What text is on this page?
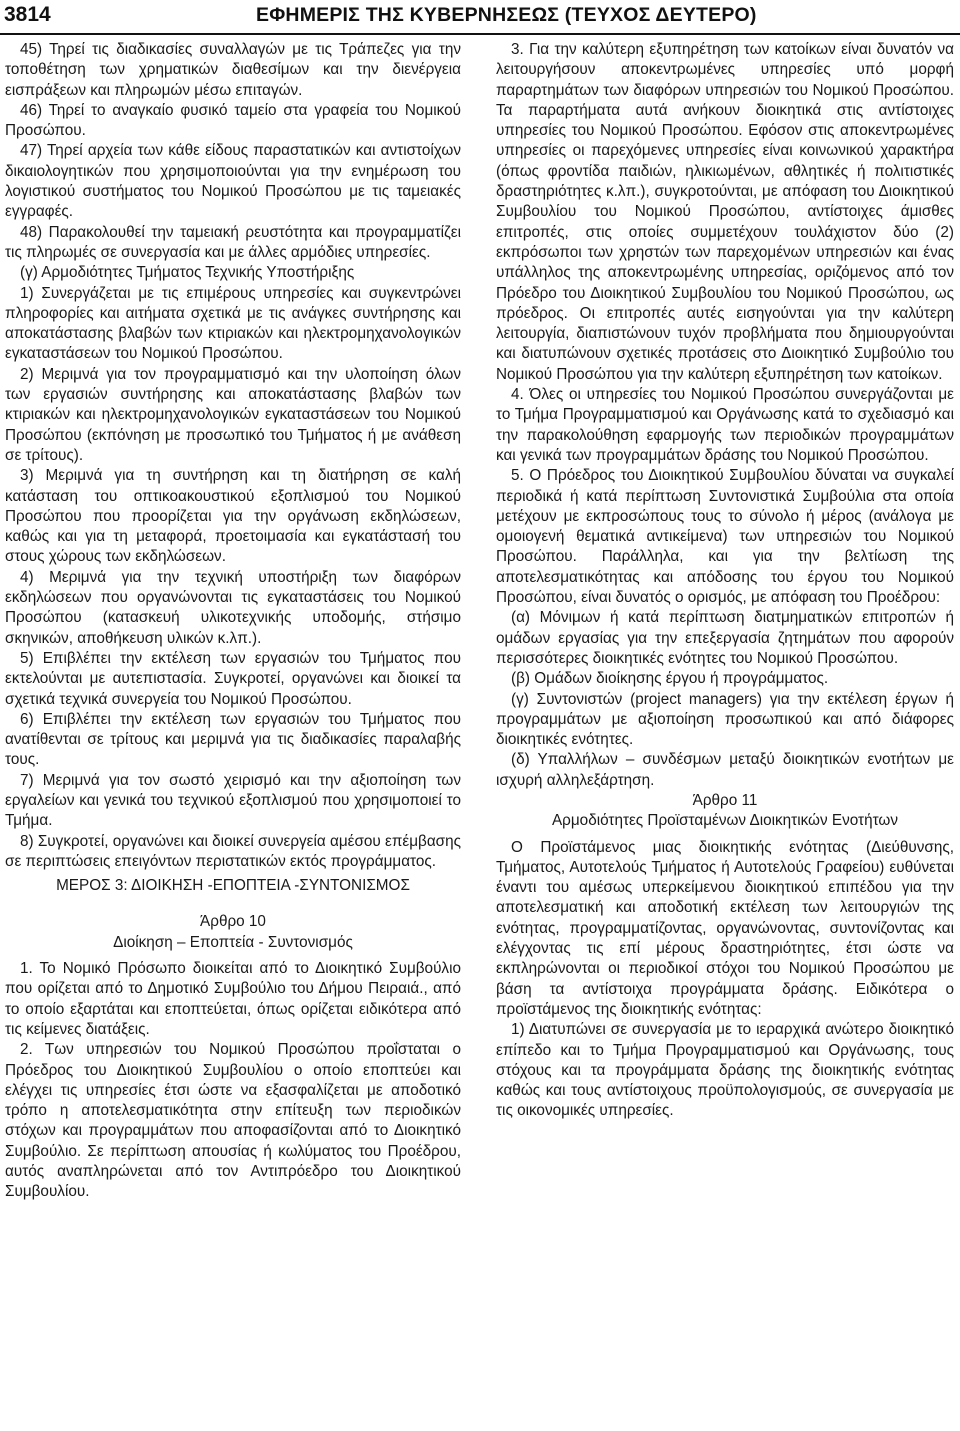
3814	ΕΦΗΜΕΡΙΣ ΤΗΣ ΚΥΒΕΡΝΗΣΕΩΣ (ΤΕΥΧΟΣ ΔΕΥΤΕΡΟ)

45) Τηρεί τις διαδικασίες συναλλαγών με τις Τράπεζες για την τοποθέτηση των χρηματικών διαθεσίμων και την διενέργεια εισπράξεων και πληρωμών μέσω επιταγών.

46) Τηρεί το αναγκαίο φυσικό ταμείο στα γραφεία του Νομικού Προσώπου.

47) Τηρεί αρχεία των κάθε είδους παραστατικών και αντιστοίχων δικαιολογητικών που χρησιμοποιούνται για την ενημέρωση του λογιστικού συστήματος του Νομικού Προσώπου με τις ταμειακές εγγραφές.

48) Παρακολουθεί την ταμειακή ρευστότητα και προγραμματίζει τις πληρωμές σε συνεργασία και με άλλες αρμόδιες υπηρεσίες.

(γ) Αρμοδιότητες Τμήματος Τεχνικής Υποστήριξης

1) Συνεργάζεται με τις επιμέρους υπηρεσίες και συγκεντρώνει πληροφορίες και αιτήματα σχετικά με τις ανάγκες συντήρησης και αποκατάστασης βλαβών των κτιριακών και ηλεκτρομηχανολογικών εγκαταστάσεων του Νομικού Προσώπου.

2) Μεριμνά για τον προγραμματισμό και την υλοποίηση όλων των εργασιών συντήρησης και αποκατάστασης βλαβών των κτιριακών και ηλεκτρομηχανολογικών εγκαταστάσεων του Νομικού Προσώπου (εκπόνηση με προσωπικό του Τμήματος ή με ανάθεση σε τρίτους).

3) Μεριμνά για τη συντήρηση και τη διατήρηση σε καλή κατάσταση του οπτικοακουστικού εξοπλισμού του Νομικού Προσώπου που προορίζεται για την οργάνωση εκδηλώσεων, καθώς και για τη μεταφορά, προετοιμασία και εγκατάστασή του στους χώρους των εκδηλώσεων.

4) Μεριμνά για την τεχνική υποστήριξη των διαφόρων εκδηλώσεων που οργανώνονται τις εγκαταστάσεις του Νομικού Προσώπου (κατασκευή υλικοτεχνικής υποδομής, στήσιμο σκηνικών, αποθήκευση υλικών κ.λπ.).

5) Επιβλέπει την εκτέλεση των εργασιών του Τμήματος που εκτελούνται με αυτεπιστασία. Συγκροτεί, οργανώνει και διοικεί τα σχετικά τεχνικά συνεργεία του Νομικού Προσώπου.

6) Επιβλέπει την εκτέλεση των εργασιών του Τμήματος που ανατίθενται σε τρίτους και μεριμνά για τις διαδικασίες παραλαβής τους.

7) Μεριμνά για τον σωστό χειρισμό και την αξιοποίηση των εργαλείων και γενικά του τεχνικού εξοπλισμού που χρησιμοποιεί το Τμήμα.

8) Συγκροτεί, οργανώνει και διοικεί συνεργεία αμέσου επέμβασης σε περιπτώσεις επειγόντων περιστατικών εκτός προγράμματος.

ΜΕΡΟΣ 3: ΔΙΟΙΚΗΣΗ -ΕΠΟΠΤΕΙΑ -ΣΥΝΤΟΝΙΣΜΟΣ
Άρθρο 10
Διοίκηση – Εποπτεία - Συντονισμός

1. Το Νομικό Πρόσωπο διοικείται από το Διοικητικό Συμβούλιο που ορίζεται από το Δημοτικό Συμβούλιο του Δήμου Πειραιά., από το οποίο εξαρτάται και εποπτεύεται, όπως ορίζεται ειδικότερα από τις κείμενες διατάξεις.

2. Των υπηρεσιών του Νομικού Προσώπου προΐσταται ο Πρόεδρος του Διοικητικού Συμβουλίου ο οποίο εποπτεύει και ελέγχει τις υπηρεσίες έτσι ώστε να εξασφαλίζεται με αποδοτικό τρόπο η αποτελεσματικότητα στην επίτευξη των περιοδικών στόχων και προγραμμάτων που αποφασίζονται από το Διοικητικό Συμβούλιο. Σε περίπτωση απουσίας ή κωλύματος του Προέδρου, αυτός αναπληρώνεται από τον Αντιπρόεδρο του Διοικητικού Συμβουλίου.

3. Για την καλύτερη εξυπηρέτηση των κατοίκων είναι δυνατόν να λειτουργήσουν αποκεντρωμένες υπηρεσίες υπό μορφή παραρτημάτων των διαφόρων υπηρεσιών του Νομικού Προσώπου. Τα παραρτήματα αυτά ανήκουν διοικητικά στις αντίστοιχες υπηρεσίες του Νομικού Προσώπου. Εφόσον στις αποκεντρωμένες υπηρεσίες οι παρεχόμενες υπηρεσίες είναι κοινωνικού χαρακτήρα (όπως φροντίδα παιδιών, ηλικιωμένων, αθλητικές ή πολιτιστικές δραστηριότητες κ.λπ.), συγκροτούνται, με απόφαση του Διοικητικού Συμβουλίου του Νομικού Προσώπου, αντίστοιχες άμισθες επιτροπές, στις οποίες συμμετέχουν τουλάχιστον δύο (2) εκπρόσωποι των χρηστών των παρεχομένων υπηρεσιών και ένας υπάλληλος της αποκεντρωμένης υπηρεσίας, οριζόμενος από τον Πρόεδρο του Διοικητικού Συμβουλίου του Νομικού Προσώπου, ως πρόεδρος. Οι επιτροπές αυτές εισηγούνται για την καλύτερη λειτουργία, διαπιστώνουν τυχόν προβλήματα που δημιουργούνται και διατυπώνουν σχετικές προτάσεις στο Διοικητικό Συμβούλιο του Νομικού Προσώπου για την καλύτερη εξυπηρέτηση των κατοίκων.

4. Όλες οι υπηρεσίες του Νομικού Προσώπου συνεργάζονται με το Τμήμα Προγραμματισμού και Οργάνωσης κατά το σχεδιασμό και την παρακολούθηση εφαρμογής των περιοδικών προγραμμάτων και γενικά των προγραμμάτων δράσης του Νομικού Προσώπου.

5. Ο Πρόεδρος του Διοικητικού Συμβουλίου δύναται να συγκαλεί περιοδικά ή κατά περίπτωση Συντονιστικά Συμβούλια στα οποία μετέχουν με εκπροσώπους τους το σύνολο ή μέρος (ανάλογα με ομοιογενή θεματικά αντικείμενα) των υπηρεσιών του Νομικού Προσώπου. Παράλληλα, και για την βελτίωση της αποτελεσματικότητας και απόδοσης του έργου του Νομικού Προσώπου, είναι δυνατός ο ορισμός, με απόφαση του Προέδρου:

(α) Μόνιμων ή κατά περίπτωση διατμηματικών επιτροπών ή ομάδων εργασίας για την επεξεργασία ζητημάτων που αφορούν περισσότερες διοικητικές ενότητες του Νομικού Προσώπου.

(β) Ομάδων διοίκησης έργου ή προγράμματος.

(γ) Συντονιστών (project managers) για την εκτέλεση έργων ή προγραμμάτων με αξιοποίηση προσωπικού και από διάφορες διοικητικές ενότητες.

(δ) Υπαλλήλων – συνδέσμων μεταξύ διοικητικών ενοτήτων με ισχυρή αλληλεξάρτηση.

Άρθρο 11
Αρμοδιότητες Προϊσταμένων Διοικητικών Ενοτήτων

Ο Προϊστάμενος μιας διοικητικής ενότητας (Διεύθυνσης, Τμήματος, Αυτοτελούς Τμήματος ή Αυτοτελούς Γραφείου) ευθύνεται έναντι του αμέσως υπερκείμενου διοικητικού επιπέδου για την αποτελεσματική και αποδοτική εκτέλεση των λειτουργιών της ενότητας, προγραμματίζοντας, οργανώνοντας, συντονίζοντας και ελέγχοντας τις επί μέρους δραστηριότητες, έτσι ώστε να εκπληρώνονται οι περιοδικοί στόχοι του Νομικού Προσώπου με βάση τα αντίστοιχα προγράμματα δράσης. Ειδικότερα ο προϊστάμενος της διοικητικής ενότητας:

1) Διατυπώνει σε συνεργασία με το ιεραρχικά ανώτερο διοικητικό επίπεδο και το Τμήμα Προγραμματισμού και Οργάνωσης, τους στόχους και τα προγράμματα δράσης της διοικητικής ενότητας καθώς και τους αντίστοιχους προϋπολογισμούς, σε συνεργασία με τις οικονομικές υπηρεσίες.
